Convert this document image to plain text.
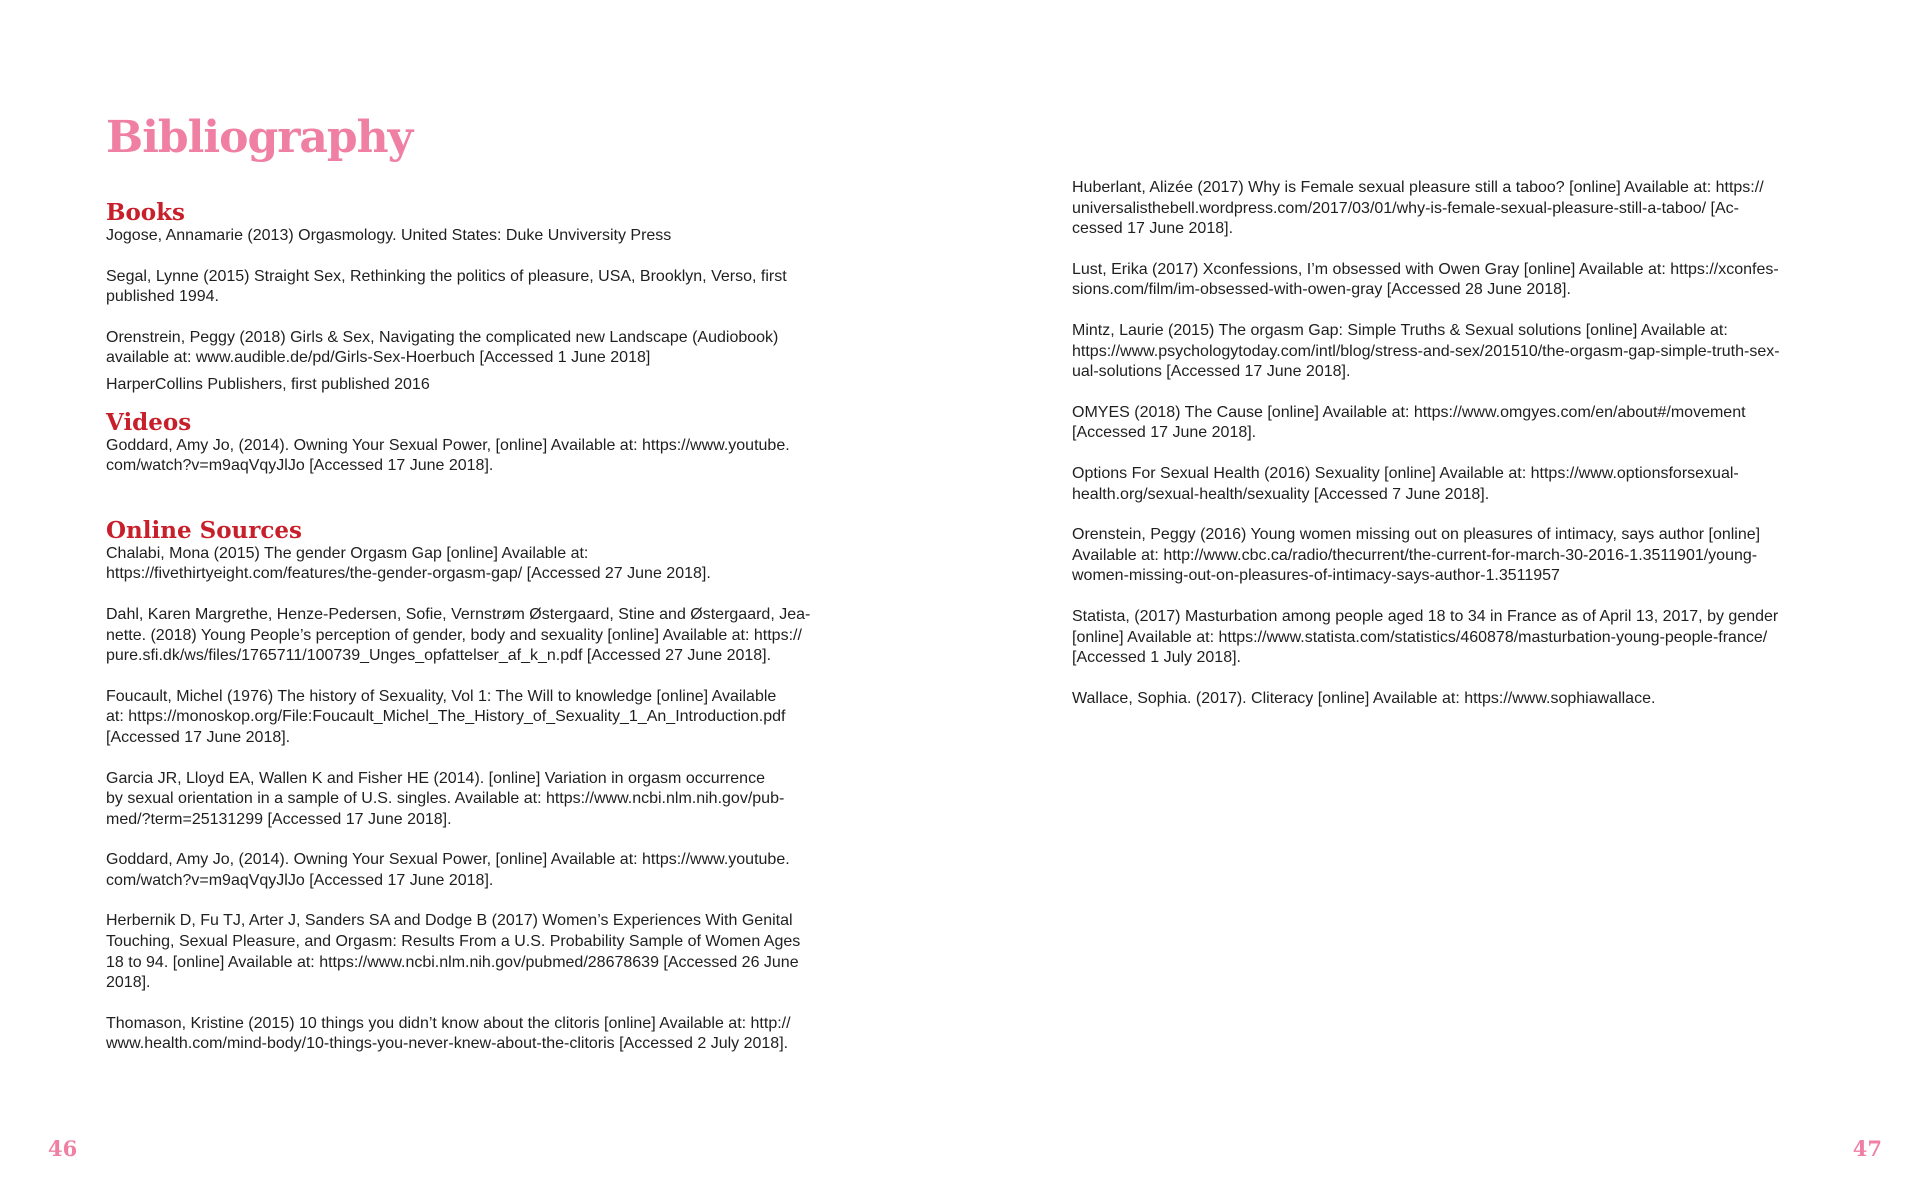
Bibliography
Books

Jogose, Annamarie (2013) Orgasmology. United States: Duke Unviversity Press

Segal, Lynne (2015) Straight Sex, Rethinking the politics of pleasure, USA, Brooklyn, Verso, first
published 1994.

Orenstrein, Peggy (2018) Girls & Sex, Navigating the complicated new Landscape (Audiobook)
available at: www.audible.de/pd/Girls-Sex-Hoerbuch [Accessed 1 June 2018]

HarperCollins Publishers, first published 2016

Videos

Goddard, Amy Jo, (2014). Owning Your Sexual Power, [online] Available at: https://www.youtube.
com/watch?v=m9aqVqyJlJo [Accessed 17 June 2018].

Online Sources

Chalabi, Mona (2015) The gender Orgasm Gap [online] Available at:
https://fivethirtyeight.com/features/the-gender-orgasm-gap/ [Accessed 27 June 2018].

Dahl, Karen Margrethe, Henze-Pedersen, Sofie, Vernstrøm Østergaard, Stine and Østergaard, Jea-
nette. (2018) Young People’s perception of gender, body and sexuality [online] Available at: https://
pure.sfi.dk/ws/files/1765711/100739_Unges_opfattelser_af_k_n.pdf [Accessed 27 June 2018].

Foucault, Michel (1976) The history of Sexuality, Vol 1: The Will to knowledge [online] Available
at: https://monoskop.org/File:Foucault_Michel_The_History_of_Sexuality_1_An_Introduction.pdf
[Accessed 17 June 2018].

Garcia JR, Lloyd EA, Wallen K and Fisher HE (2014). [online] Variation in orgasm occurrence
by sexual orientation in a sample of U.S. singles. Available at: https://www.ncbi.nlm.nih.gov/pub-
med/?term=25131299 [Accessed 17 June 2018].

Goddard, Amy Jo, (2014). Owning Your Sexual Power, [online] Available at: https://www.youtube.
com/watch?v=m9aqVqyJlJo [Accessed 17 June 2018].

Herbernik D, Fu TJ, Arter J, Sanders SA and Dodge B (2017) Women’s Experiences With Genital
Touching, Sexual Pleasure, and Orgasm: Results From a U.S. Probability Sample of Women Ages
18 to 94. [online] Available at: https://www.ncbi.nlm.nih.gov/pubmed/28678639 [Accessed 26 June
2018].

Thomason, Kristine (2015) 10 things you didn’t know about the clitoris [online] Available at: http://
www.health.com/mind-body/10-things-you-never-knew-about-the-clitoris [Accessed 2 July 2018].

46

Huberlant, Alizée (2017) Why is Female sexual pleasure still a taboo? [online] Available at: https://
universalisthebell.wordpress.com/2017/03/01/why-is-female-sexual-pleasure-still-a-taboo/ [Ac-
cessed 17 June 2018].

Lust, Erika (2017) Xconfessions, I’m obsessed with Owen Gray [online] Available at: https://xconfes-
sions.com/film/im-obsessed-with-owen-gray [Accessed 28 June 2018].

Mintz, Laurie (2015) The orgasm Gap: Simple Truths & Sexual solutions [online] Available at:
https://www.psychologytoday.com/intl/blog/stress-and-sex/201510/the-orgasm-gap-simple-truth-sex-
ual-solutions [Accessed 17 June 2018].

OMYES (2018) The Cause [online] Available at: https://www.omgyes.com/en/about#/movement
[Accessed 17 June 2018].

Options For Sexual Health (2016) Sexuality [online] Available at: https://www.optionsforsexual-
health.org/sexual-health/sexuality [Accessed 7 June 2018].

Orenstein, Peggy (2016) Young women missing out on pleasures of intimacy, says author [online]
Available at: http://www.cbc.ca/radio/thecurrent/the-current-for-march-30-2016-1.3511901/young-
women-missing-out-on-pleasures-of-intimacy-says-author-1.3511957

Statista, (2017) Masturbation among people aged 18 to 34 in France as of April 13, 2017, by gender
[online] Available at: https://www.statista.com/statistics/460878/masturbation-young-people-france/
[Accessed 1 July 2018].

Wallace, Sophia. (2017). Cliteracy [online] Available at: https://www.sophiawallace.

47
